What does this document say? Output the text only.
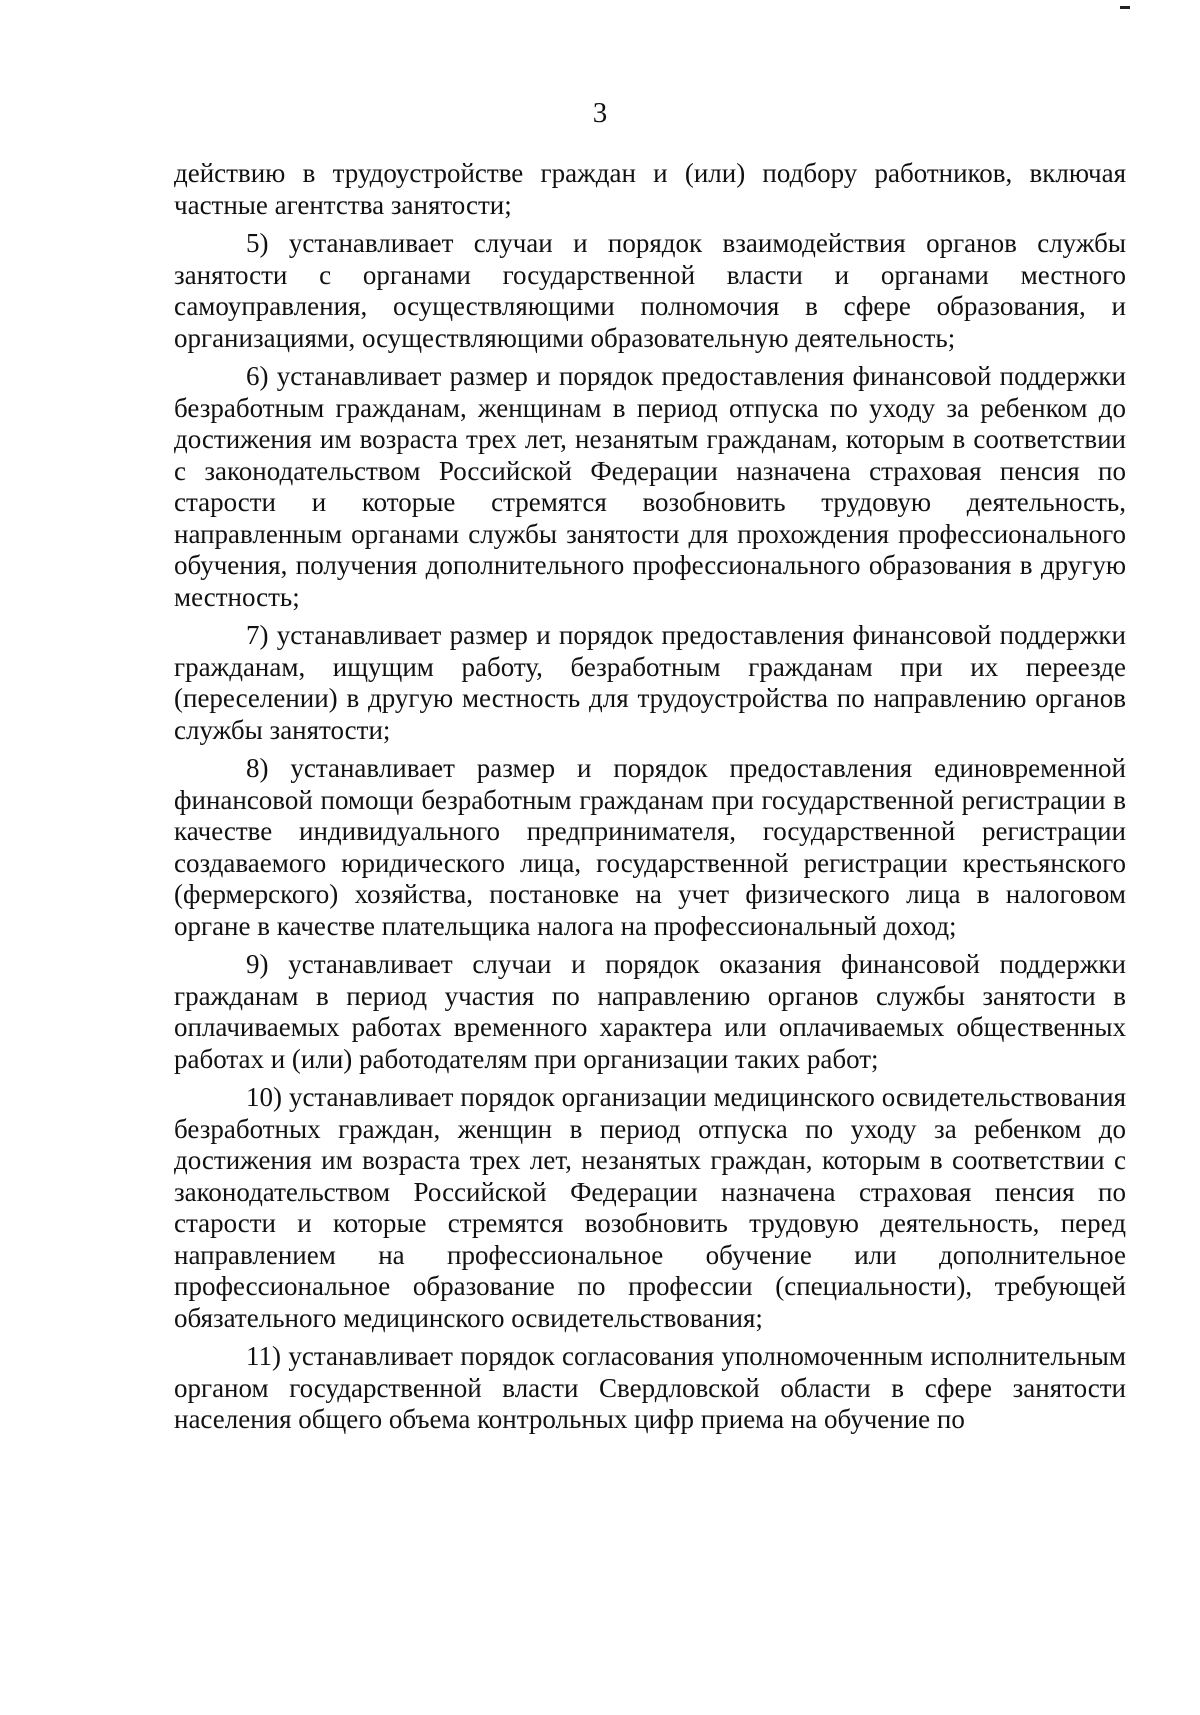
3

действию в трудоустройстве граждан и (или) подбору работников, включая частные агентства занятости;

5) устанавливает случаи и порядок взаимодействия органов службы занятости с органами государственной власти и органами местного самоуправления, осуществляющими полномочия в сфере образования, и организациями, осуществляющими образовательную деятельность;

6) устанавливает размер и порядок предоставления финансовой поддержки безработным гражданам, женщинам в период отпуска по уходу за ребенком до достижения им возраста трех лет, незанятым гражданам, которым в соответствии с законодательством Российской Федерации назначена страховая пенсия по старости и которые стремятся возобновить трудовую деятельность, направленным органами службы занятости для прохождения профессионального обучения, получения дополнительного профессионального образования в другую местность;

7) устанавливает размер и порядок предоставления финансовой поддержки гражданам, ищущим работу, безработным гражданам при их переезде (переселении) в другую местность для трудоустройства по направлению органов службы занятости;

8) устанавливает размер и порядок предоставления единовременной финансовой помощи безработным гражданам при государственной регистрации в качестве индивидуального предпринимателя, государственной регистрации создаваемого юридического лица, государственной регистрации крестьянского (фермерского) хозяйства, постановке на учет физического лица в налоговом органе в качестве плательщика налога на профессиональный доход;

9) устанавливает случаи и порядок оказания финансовой поддержки гражданам в период участия по направлению органов службы занятости в оплачиваемых работах временного характера или оплачиваемых общественных работах и (или) работодателям при организации таких работ;

10) устанавливает порядок организации медицинского освидетельствования безработных граждан, женщин в период отпуска по уходу за ребенком до достижения им возраста трех лет, незанятых граждан, которым в соответствии с законодательством Российской Федерации назначена страховая пенсия по старости и которые стремятся возобновить трудовую деятельность, перед направлением на профессиональное обучение или дополнительное профессиональное образование по профессии (специальности), требующей обязательного медицинского освидетельствования;

11) устанавливает порядок согласования уполномоченным исполнительным органом государственной власти Свердловской области в сфере занятости населения общего объема контрольных цифр приема на обучение по
